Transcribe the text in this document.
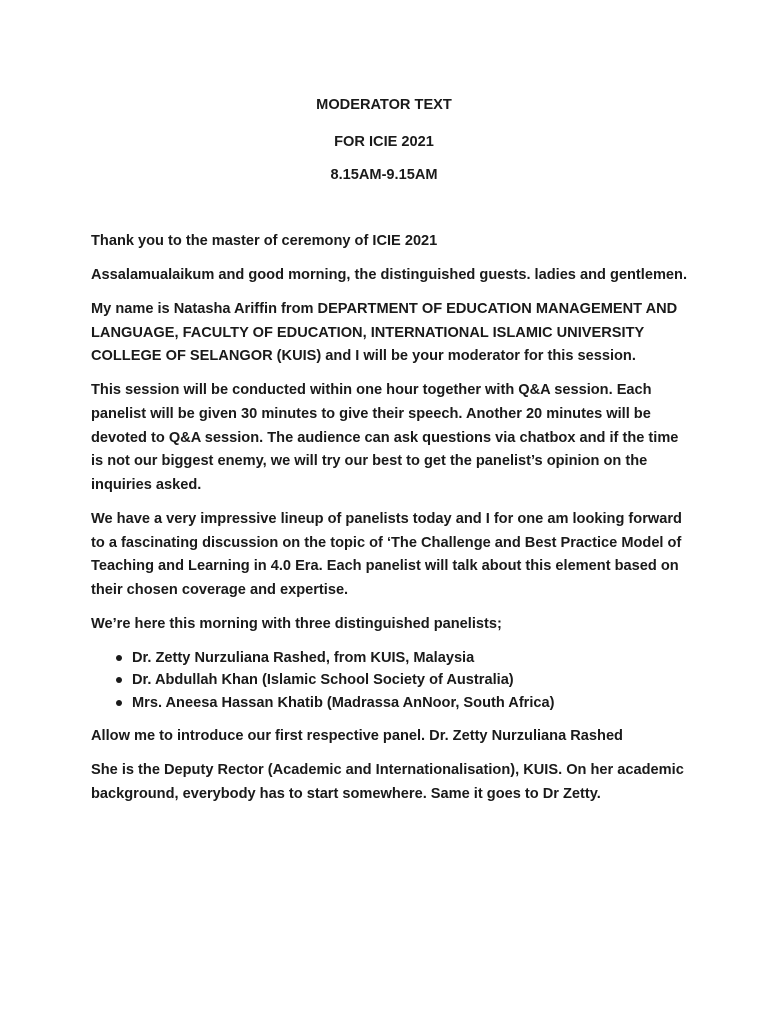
MODERATOR TEXT
FOR ICIE 2021
8.15AM-9.15AM

Thank you to the master of ceremony of ICIE 2021

Assalamualaikum and good morning, the distinguished guests. ladies and gentlemen.

My name is Natasha Ariffin from DEPARTMENT OF EDUCATION MANAGEMENT AND LANGUAGE, FACULTY OF EDUCATION, INTERNATIONAL ISLAMIC UNIVERSITY COLLEGE OF SELANGOR (KUIS) and I will be your moderator for this session.

This session will be conducted within one hour together with Q&A session. Each panelist will be given 30 minutes to give their speech. Another 20 minutes will be devoted to Q&A session. The audience can ask questions via chatbox and if the time is not our biggest enemy, we will try our best to get the panelist’s opinion on the inquiries asked.

We have a very impressive lineup of panelists today and I for one am looking forward to a fascinating discussion on the topic of ‘The Challenge and Best Practice Model of Teaching and Learning in 4.0 Era. Each panelist will talk about this element based on their chosen coverage and expertise.

We’re here this morning with three distinguished panelists;

Dr. Zetty Nurzuliana Rashed, from KUIS, Malaysia
Dr. Abdullah Khan (Islamic School Society of Australia)
Mrs. Aneesa Hassan Khatib (Madrassa AnNoor, South Africa)

Allow me to introduce our first respective panel. Dr. Zetty Nurzuliana Rashed

She is the Deputy Rector (Academic and Internationalisation), KUIS. On her academic background, everybody has to start somewhere. Same it goes to Dr Zetty.
